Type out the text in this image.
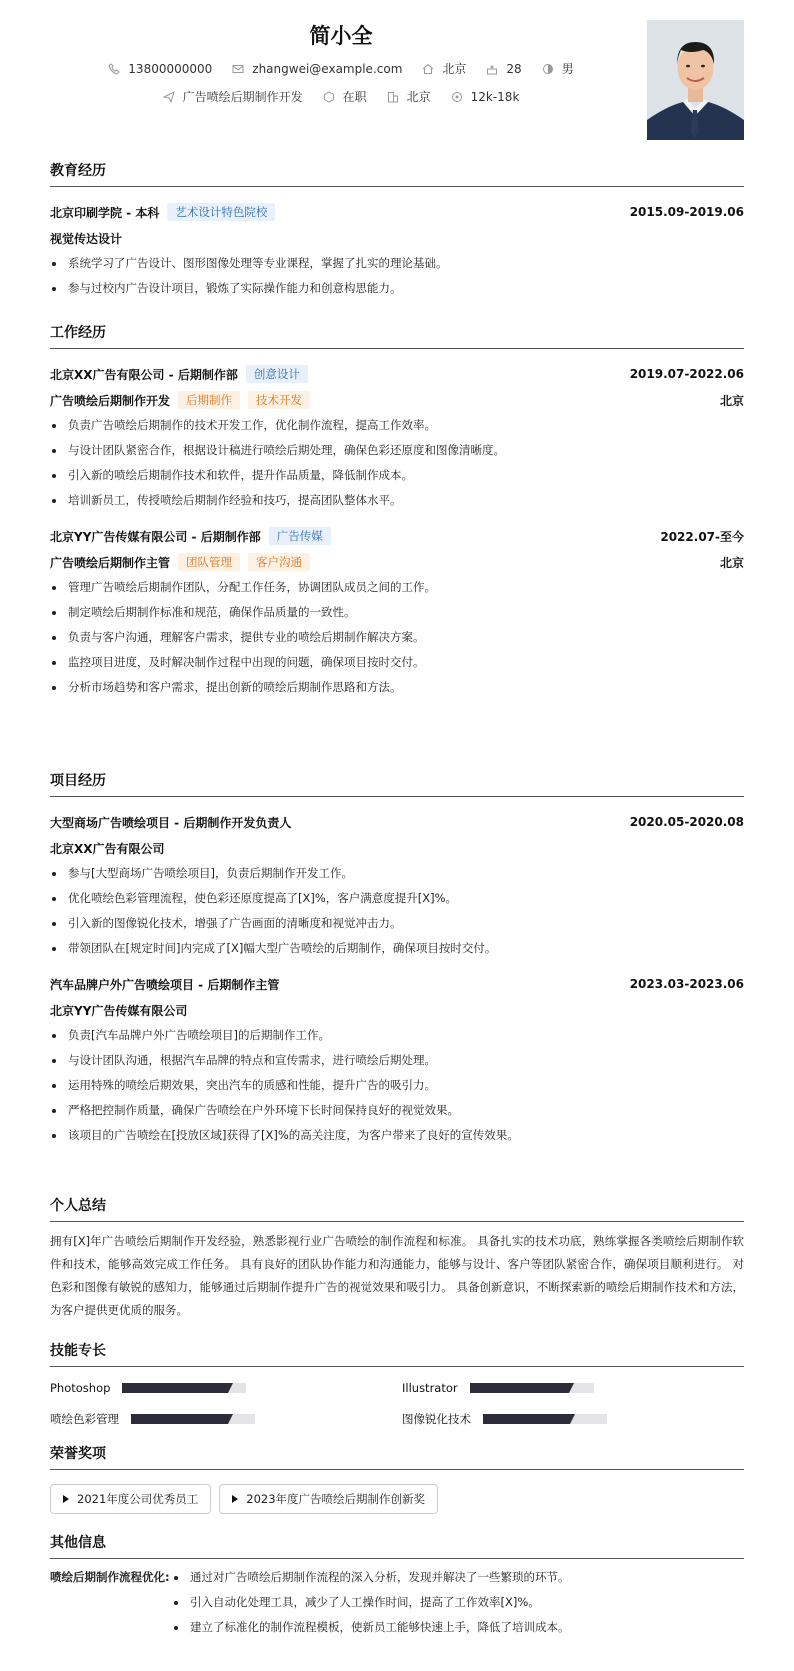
简小全
13800000000	zhangwei@example.com	北京	28	男
广告喷绘后期制作开发	在职	北京	12k-18k
教育经历
北京印刷学院 - 本科	艺术设计特色院校	2015.09-2019.06
视觉传达设计
系统学习了广告设计、图形图像处理等专业课程，掌握了扎实的理论基础。
参与过校内广告设计项目，锻炼了实际操作能力和创意构思能力。
工作经历
北京XX广告有限公司 - 后期制作部	创意设计	2019.07-2022.06
广告喷绘后期制作开发	后期制作	技术开发	北京
负责广告喷绘后期制作的技术开发工作，优化制作流程，提高工作效率。
与设计团队紧密合作，根据设计稿进行喷绘后期处理，确保色彩还原度和图像清晰度。
引入新的喷绘后期制作技术和软件，提升作品质量，降低制作成本。
培训新员工，传授喷绘后期制作经验和技巧，提高团队整体水平。
北京YY广告传媒有限公司 - 后期制作部	广告传媒	2022.07-至今
广告喷绘后期制作主管	团队管理	客户沟通	北京
管理广告喷绘后期制作团队，分配工作任务，协调团队成员之间的工作。
制定喷绘后期制作标准和规范，确保作品质量的一致性。
负责与客户沟通，理解客户需求，提供专业的喷绘后期制作解决方案。
监控项目进度，及时解决制作过程中出现的问题，确保项目按时交付。
分析市场趋势和客户需求，提出创新的喷绘后期制作思路和方法。
项目经历
大型商场广告喷绘项目 - 后期制作开发负责人	2020.05-2020.08
北京XX广告有限公司
参与[大型商场广告喷绘项目]，负责后期制作开发工作。
优化喷绘色彩管理流程，使色彩还原度提高了[X]%，客户满意度提升[X]%。
引入新的图像锐化技术，增强了广告画面的清晰度和视觉冲击力。
带领团队在[规定时间]内完成了[X]幅大型广告喷绘的后期制作，确保项目按时交付。
汽车品牌户外广告喷绘项目 - 后期制作主管	2023.03-2023.06
北京YY广告传媒有限公司
负责[汽车品牌户外广告喷绘项目]的后期制作工作。
与设计团队沟通，根据汽车品牌的特点和宣传需求，进行喷绘后期处理。
运用特殊的喷绘后期效果，突出汽车的质感和性能，提升广告的吸引力。
严格把控制作质量，确保广告喷绘在户外环境下长时间保持良好的视觉效果。
该项目的广告喷绘在[投放区域]获得了[X]%的高关注度，为客户带来了良好的宣传效果。
个人总结
拥有[X]年广告喷绘后期制作开发经验，熟悉影视行业广告喷绘的制作流程和标准。 具备扎实的技术功底，熟练掌握各类喷绘后期制作软件和技术，能够高效完成工作任务。 具有良好的团队协作能力和沟通能力，能够与设计、客户等团队紧密合作，确保项目顺利进行。 对色彩和图像有敏锐的感知力，能够通过后期制作提升广告的视觉效果和吸引力。 具备创新意识，不断探索新的喷绘后期制作技术和方法，为客户提供更优质的服务。
技能专长
Photoshop	Illustrator
喷绘色彩管理	图像锐化技术
荣誉奖项
2021年度公司优秀员工	2023年度广告喷绘后期制作创新奖
其他信息
喷绘后期制作流程优化:	通过对广告喷绘后期制作流程的深入分析，发现并解决了一些繁琐的环节。
引入自动化处理工具，减少了人工操作时间，提高了工作效率[X]%。
建立了标准化的制作流程模板，使新员工能够快速上手，降低了培训成本。
